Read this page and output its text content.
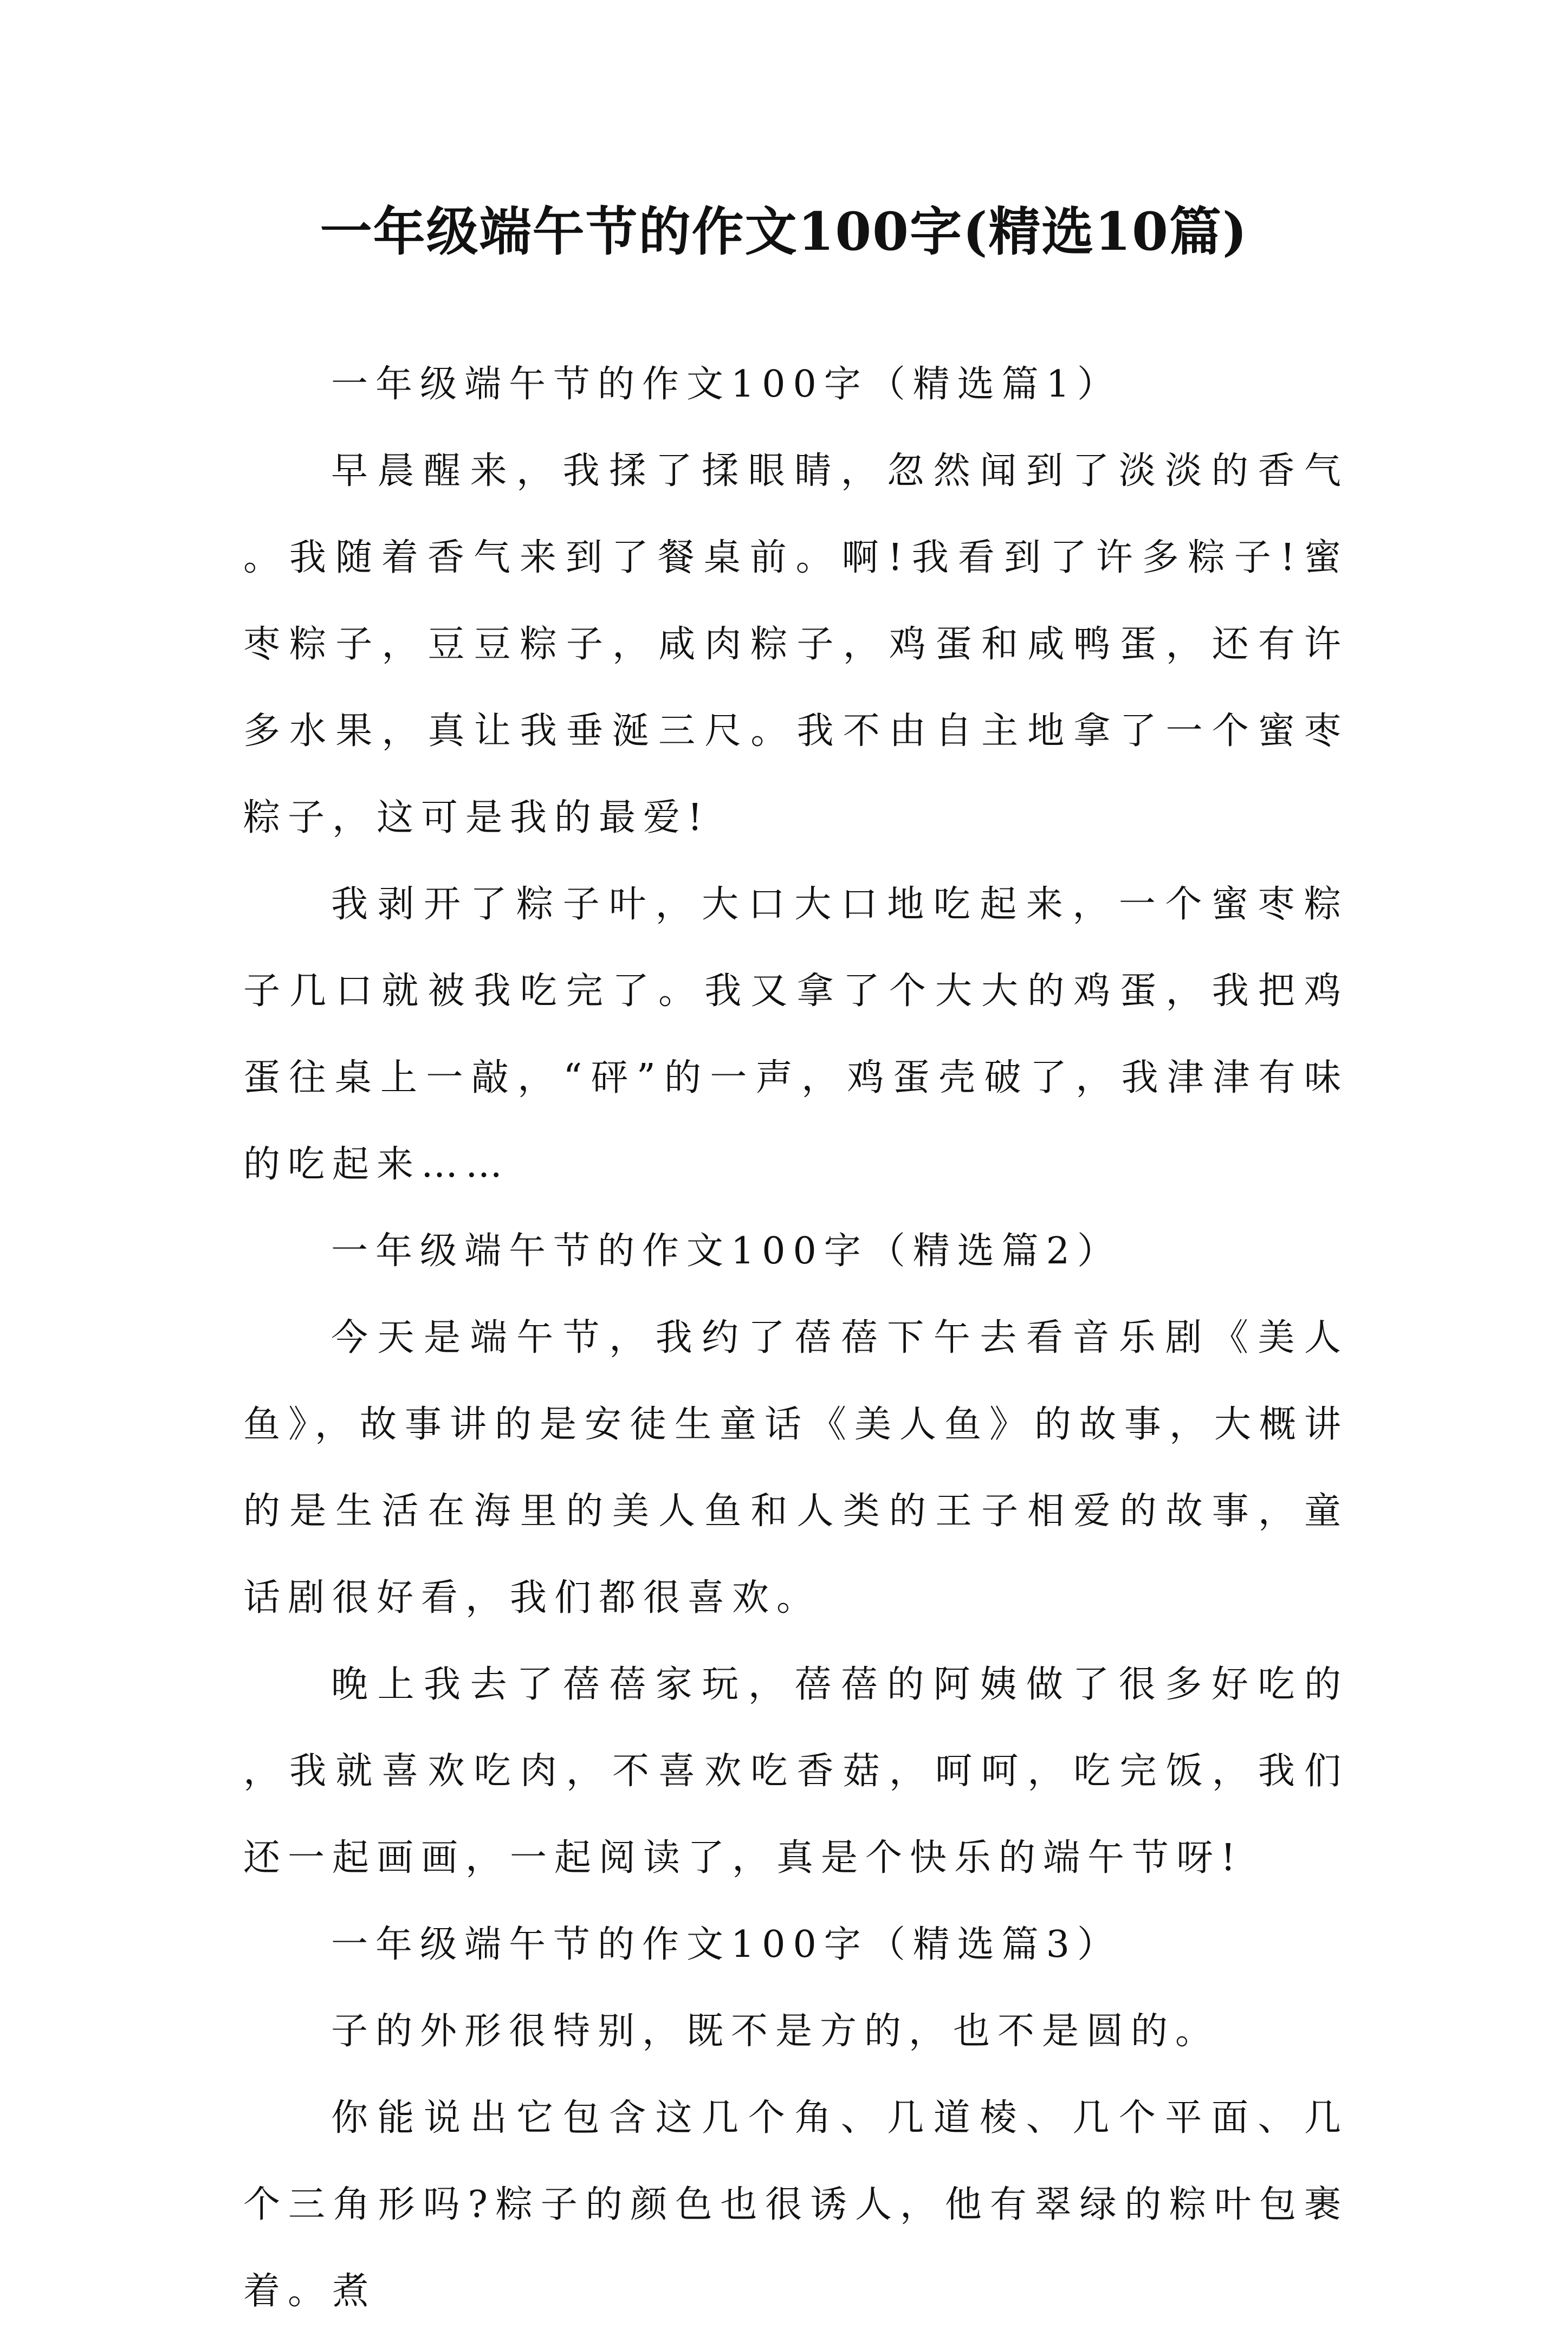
一年级端午节的作文100字(精选10篇)

一年级端午节的作文100字（精选篇1）

早晨醒来，我揉了揉眼睛，忽然闻到了淡淡的香气。我随着香气来到了餐桌前。啊!我看到了许多粽子!蜜枣粽子，豆豆粽子，咸肉粽子，鸡蛋和咸鸭蛋，还有许多水果，真让我垂涎三尺。我不由自主地拿了一个蜜枣粽子，这可是我的最爱!

我剥开了粽子叶，大口大口地吃起来，一个蜜枣粽子几口就被我吃完了。我又拿了个大大的鸡蛋，我把鸡蛋往桌上一敲，“砰”的一声，鸡蛋壳破了，我津津有味的吃起来……

一年级端午节的作文100字（精选篇2）

今天是端午节，我约了蓓蓓下午去看音乐剧《美人鱼》，故事讲的是安徒生童话《美人鱼》的故事，大概讲的是生活在海里的美人鱼和人类的王子相爱的故事，童话剧很好看，我们都很喜欢。

晚上我去了蓓蓓家玩，蓓蓓的阿姨做了很多好吃的，我就喜欢吃肉，不喜欢吃香菇，呵呵，吃完饭，我们还一起画画，一起阅读了，真是个快乐的端午节呀!

一年级端午节的作文100字（精选篇3）

子的外形很特别，既不是方的，也不是圆的。

你能说出它包含这几个角、几道棱、几个平面、几个三角形吗?粽子的颜色也很诱人，他有翠绿的粽叶包裹着。煮
